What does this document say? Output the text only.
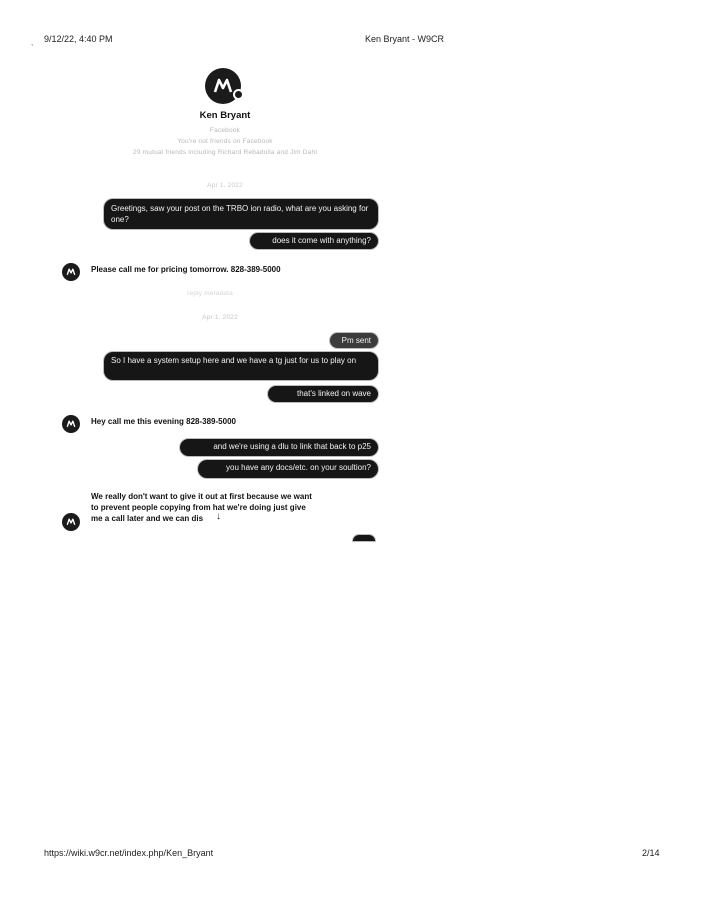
ˎ 9/12/22, 4:40 PM	Ken Bryant - W9CR
Ken Bryant
Facebook
You're not friends on Facebook
29 mutual friends including Richard Rebadulla and Jim Dahl
Apr 1, 2022
Greetings, saw your post on the TRBO ion radio, what are you asking for one?
does it come with anything?
Please call me for pricing tomorrow. 828-389-5000
reply metadata
Apr 1, 2022
Pm sent
So I have a system setup here and we have a tg just for us to play on
that's linked on wave
Hey call me this evening 828-389-5000
and we're using a dlu to link that back to p25
you have any docs/etc. on your soultion?
We really don't want to give it out at first because we want
to prevent people copying from hat we're doing just give
me a call later and we can dis	↓
https://wiki.w9cr.net/index.php/Ken_Bryant	2/14
